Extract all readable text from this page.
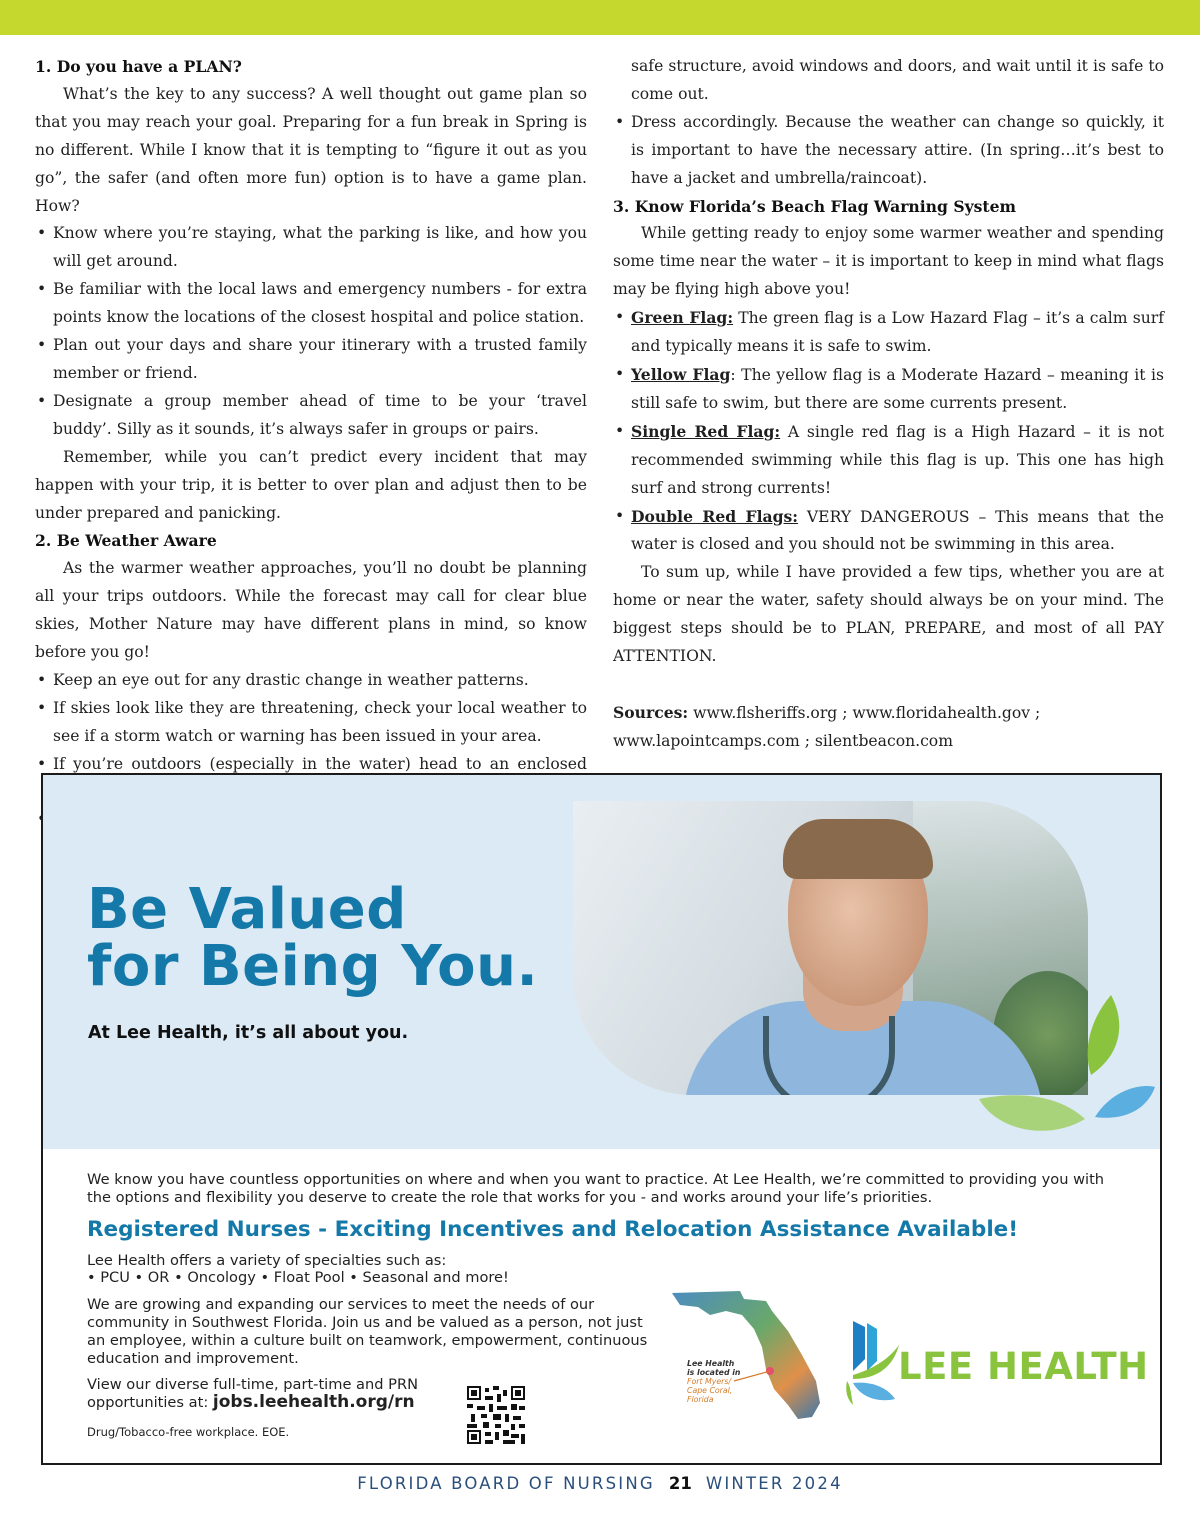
1. Do you have a PLAN?

What’s the key to any success? A well thought out game plan so that you may reach your goal. Preparing for a fun break in Spring is no different. While I know that it is tempting to “figure it out as you go”, the safer (and often more fun) option is to have a game plan. How?

• Know where you’re staying, what the parking is like, and how you will get around.
• Be familiar with the local laws and emergency numbers - for extra points know the locations of the closest hospital and police station.
• Plan out your days and share your itinerary with a trusted family member or friend.
• Designate a group member ahead of time to be your ‘travel buddy’. Silly as it sounds, it’s always safer in groups or pairs.

Remember, while you can’t predict every incident that may happen with your trip, it is better to over plan and adjust then to be under prepared and panicking.

2. Be Weather Aware

As the warmer weather approaches, you’ll no doubt be planning all your trips outdoors. While the forecast may call for clear blue skies, Mother Nature may have different plans in mind, so know before you go!

• Keep an eye out for any drastic change in weather patterns.
• If skies look like they are threatening, check your local weather to see if a storm watch or warning has been issued in your area.
• If you’re outdoors (especially in the water) head to an enclosed
•

safe structure, avoid windows and doors, and wait until it is safe to come out.

• Dress accordingly. Because the weather can change so quickly, it is important to have the necessary attire. (In spring…it’s best to have a jacket and umbrella/raincoat).

3. Know Florida’s Beach Flag Warning System

While getting ready to enjoy some warmer weather and spending some time near the water – it is important to keep in mind what flags may be flying high above you!

• Green Flag: The green flag is a Low Hazard Flag – it’s a calm surf and typically means it is safe to swim.
• Yellow Flag: The yellow flag is a Moderate Hazard – meaning it is still safe to swim, but there are some currents present.
• Single Red Flag: A single red flag is a High Hazard – it is not recommended swimming while this flag is up. This one has high surf and strong currents!
• Double Red Flags: VERY DANGEROUS – This means that the water is closed and you should not be swimming in this area.

To sum up, while I have provided a few tips, whether you are at home or near the water, safety should always be on your mind. The biggest steps should be to PLAN, PREPARE, and most of all PAY ATTENTION.

Sources: www.flsheriffs.org ; www.floridahealth.gov ; www.lapointcamps.com ; silentbeacon.com

Be Valued
for Being You.
At Lee Health, it’s all about you.

We know you have countless opportunities on where and when you want to practice. At Lee Health, we’re committed to providing you with the options and flexibility you deserve to create the role that works for you - and works around your life’s priorities.

Registered Nurses - Exciting Incentives and Relocation Assistance Available!

Lee Health offers a variety of specialties such as:

• PCU • OR • Oncology • Float Pool • Seasonal and more!

We are growing and expanding our services to meet the needs of our community in Southwest Florida. Join us and be valued as a person, not just an employee, within a culture built on teamwork, empowerment, continuous education and improvement.

View our diverse full-time, part-time and PRN opportunities at: jobs.leehealth.org/rn

Drug/Tobacco-free workplace. EOE.

Lee Health is located in
Fort Myers/ Cape Coral, Florida
LEE HEALTH
FLORIDA BOARD OF NURSING 21 WINTER 2024
